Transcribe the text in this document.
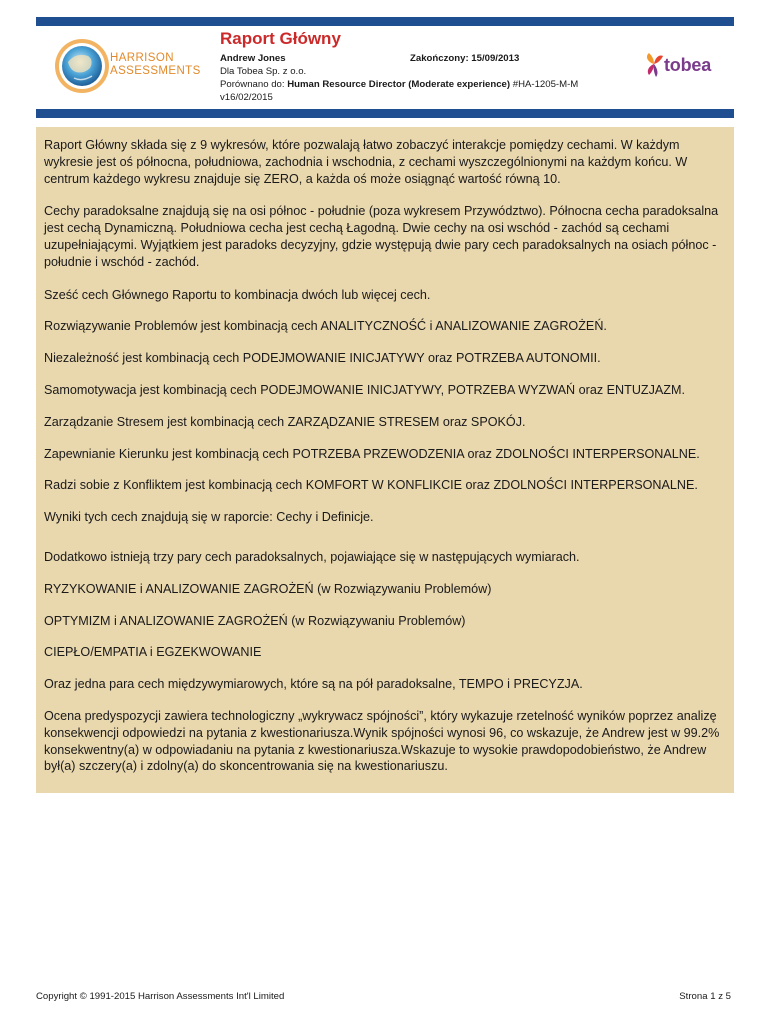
HARRISON
ASSESSMENTS
Raport Główny
Andrew Jones	Zakończony: 15/09/2013
Dla Tobea Sp. z o.o.
Porównano do: Human Resource Director (Moderate experience) #HA-1205-M-M
v16/02/2015
tobea

Raport Główny składa się z 9 wykresów, które pozwalają łatwo zobaczyć interakcje pomiędzy cechami. W każdym wykresie jest oś północna, południowa, zachodnia i wschodnia, z cechami wyszczególnionymi na każdym końcu. W centrum każdego wykresu znajduje się ZERO, a każda oś może osiągnąć wartość równą 10.

Cechy paradoksalne znajdują się na osi północ - południe (poza wykresem Przywództwo). Północna cecha paradoksalna jest cechą Dynamiczną. Południowa cecha jest cechą Łagodną. Dwie cechy na osi wschód - zachód są cechami uzupełniającymi. Wyjątkiem jest paradoks decyzyjny, gdzie występują dwie pary cech paradoksalnych na osiach północ - południe i wschód - zachód.

Sześć cech Głównego Raportu to kombinacja dwóch lub więcej cech.

Rozwiązywanie Problemów jest kombinacją cech ANALITYCZNOŚĆ i ANALIZOWANIE ZAGROŻEŃ.

Niezależność jest kombinacją cech PODEJMOWANIE INICJATYWY oraz POTRZEBA AUTONOMII.

Samomotywacja jest kombinacją cech PODEJMOWANIE INICJATYWY, POTRZEBA WYZWAŃ oraz ENTUZJAZM.

Zarządzanie Stresem jest kombinacją cech ZARZĄDZANIE STRESEM oraz SPOKÓJ.

Zapewnianie Kierunku jest kombinacją cech POTRZEBA PRZEWODZENIA oraz ZDOLNOŚCI INTERPERSONALNE.

Radzi sobie z Konfliktem jest kombinacją cech KOMFORT W KONFLIKCIE oraz ZDOLNOŚCI INTERPERSONALNE.

Wyniki tych cech znajdują się w raporcie: Cechy i Definicje.

Dodatkowo istnieją trzy pary cech paradoksalnych, pojawiające się w następujących wymiarach.

RYZYKOWANIE i ANALIZOWANIE ZAGROŻEŃ (w Rozwiązywaniu Problemów)

OPTYMIZM i ANALIZOWANIE ZAGROŻEŃ (w Rozwiązywaniu Problemów)

CIEPŁO/EMPATIA i EGZEKWOWANIE

Oraz jedna para cech międzywymiarowych, które są na pół paradoksalne, TEMPO i PRECYZJA.

Ocena predyspozycji zawiera technologiczny „wykrywacz spójności”, który wykazuje rzetelność wyników poprzez analizę konsekwencji odpowiedzi na pytania z kwestionariusza.Wynik spójności wynosi 96, co wskazuje, że Andrew jest w 99.2% konsekwentny(a) w odpowiadaniu na pytania z kwestionariusza.Wskazuje to wysokie prawdopodobieństwo, że Andrew był(a) szczery(a) i zdolny(a) do skoncentrowania się na kwestionariuszu.

Copyright © 1991-2015 Harrison Assessments Int'l Limited	Strona 1 z 5
